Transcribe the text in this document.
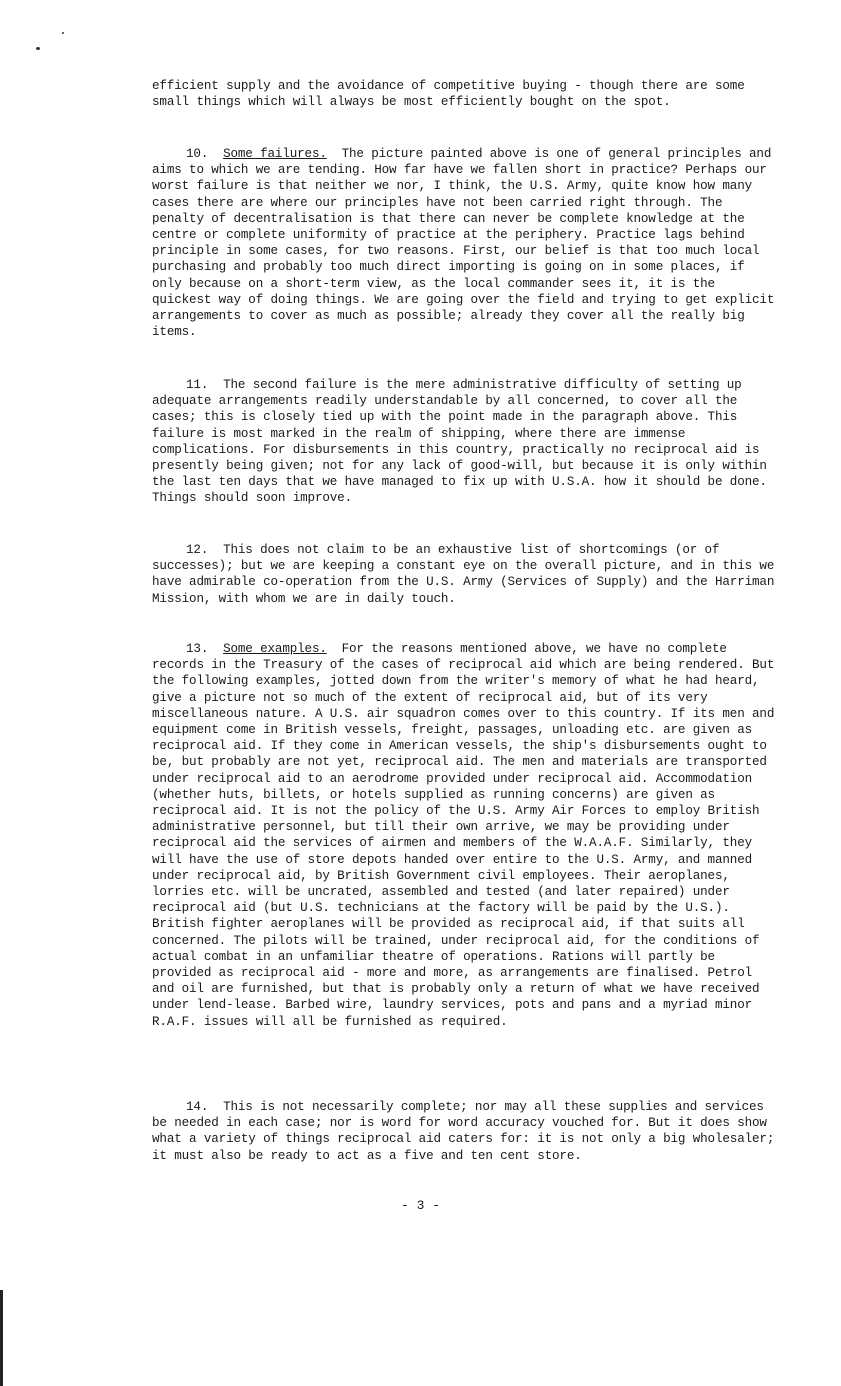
efficient supply and the avoidance of competitive buying - though there are some small things which will always be most efficiently bought on the spot.

10. Some failures. The picture painted above is one of general principles and aims to which we are tending. How far have we fallen short in practice? Perhaps our worst failure is that neither we nor, I think, the U.S. Army, quite know how many cases there are where our principles have not been carried right through. The penalty of decentralisation is that there can never be complete knowledge at the centre or complete uniformity of practice at the periphery. Practice lags behind principle in some cases, for two reasons. First, our belief is that too much local purchasing and probably too much direct importing is going on in some places, if only because on a short-term view, as the local commander sees it, it is the quickest way of doing things. We are going over the field and trying to get explicit arrangements to cover as much as possible; already they cover all the really big items.

11. The second failure is the mere administrative difficulty of setting up adequate arrangements readily understandable by all concerned, to cover all the cases; this is closely tied up with the point made in the paragraph above. This failure is most marked in the realm of shipping, where there are immense complications. For disbursements in this country, practically no reciprocal aid is presently being given; not for any lack of good-will, but because it is only within the last ten days that we have managed to fix up with U.S.A. how it should be done. Things should soon improve.

12. This does not claim to be an exhaustive list of shortcomings (or of successes); but we are keeping a constant eye on the overall picture, and in this we have admirable co-operation from the U.S. Army (Services of Supply) and the Harriman Mission, with whom we are in daily touch.

13. Some examples. For the reasons mentioned above, we have no complete records in the Treasury of the cases of reciprocal aid which are being rendered. But the following examples, jotted down from the writer's memory of what he had heard, give a picture not so much of the extent of reciprocal aid, but of its very miscellaneous nature. A U.S. air squadron comes over to this country. If its men and equipment come in British vessels, freight, passages, unloading etc. are given as reciprocal aid. If they come in American vessels, the ship's disbursements ought to be, but probably are not yet, reciprocal aid. The men and materials are transported under reciprocal aid to an aerodrome provided under reciprocal aid. Accommodation (whether huts, billets, or hotels supplied as running concerns) are given as reciprocal aid. It is not the policy of the U.S. Army Air Forces to employ British administrative personnel, but till their own arrive, we may be providing under reciprocal aid the services of airmen and members of the W.A.A.F. Similarly, they will have the use of store depots handed over entire to the U.S. Army, and manned under reciprocal aid, by British Government civil employees. Their aeroplanes, lorries etc. will be uncrated, assembled and tested (and later repaired) under reciprocal aid (but U.S. technicians at the factory will be paid by the U.S.). British fighter aeroplanes will be provided as reciprocal aid, if that suits all concerned. The pilots will be trained, under reciprocal aid, for the conditions of actual combat in an unfamiliar theatre of operations. Rations will partly be provided as reciprocal aid - more and more, as arrangements are finalised. Petrol and oil are furnished, but that is probably only a return of what we have received under lend-lease. Barbed wire, laundry services, pots and pans and a myriad minor R.A.F. issues will all be furnished as required.

14. This is not necessarily complete; nor may all these supplies and services be needed in each case; nor is word for word accuracy vouched for. But it does show what a variety of things reciprocal aid caters for: it is not only a big wholesaler; it must also be ready to act as a five and ten cent store.

- 3 -
